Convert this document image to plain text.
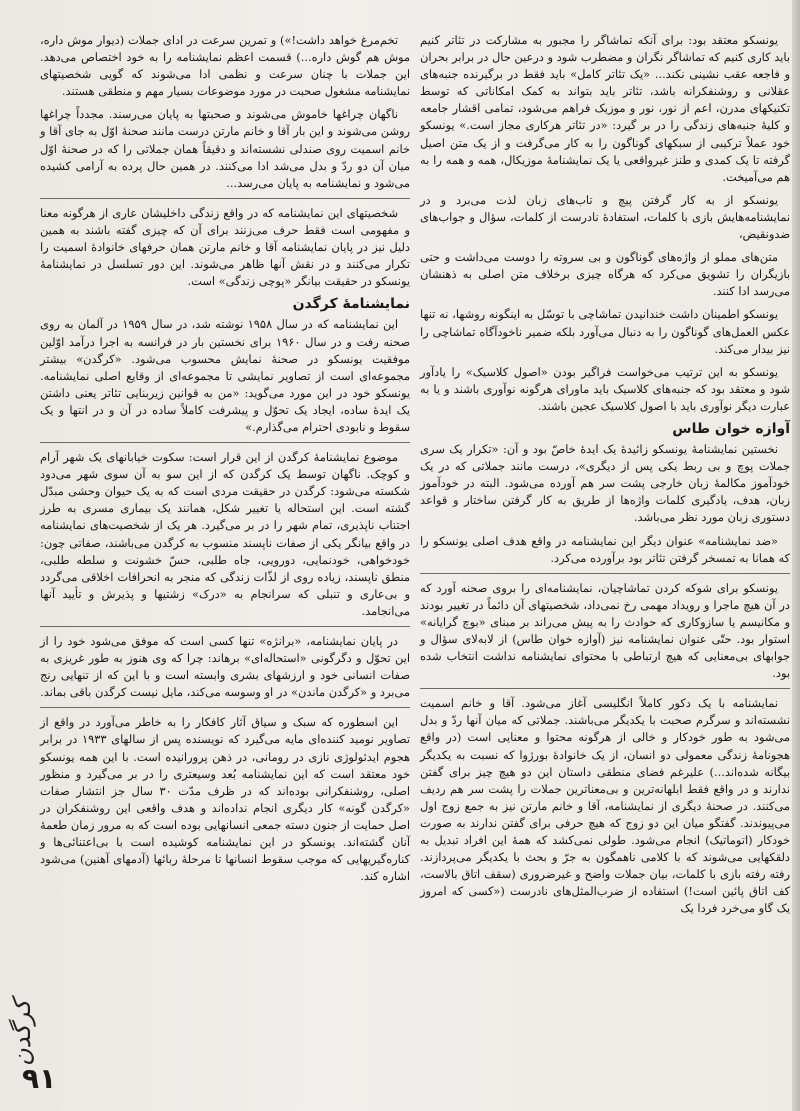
یونسکو معتقد بود: برای آنکه تماشاگر را مجبور به مشارکت در تئاتر کنیم باید کاری کنیم که تماشاگر نگران و مضطرب شود و درعین حال در برابر بحران و فاجعه عقب نشینی نکند... «یک تئاتر کامل» باید فقط در برگیرنده جنبه‌های عقلانی و روشنفکرانه باشد، تئاتر باید بتواند به کمک امکاناتی که توسط تکنیکهای مدرن، اعم از نور، نور و موزیک فراهم می‌شود، تمامی اقشار جامعه و کلیهٔ جنبه‌های زندگی را در بر گیرد: «در تئاتر هرکاری مجاز است.» یونسکو خود عملاً ترکیبی از سبکهای گوناگون را به کار می‌گرفت و از یک متن اصیل گرفته تا یک کمدی و طنز غیرواقعی یا یک نمایشنامهٔ موزیکال، همه و همه را به هم می‌آمیخت.

یونسکو از به کار گرفتن پیچ و تاب‌های زبان لذت می‌برد و در نمایشنامه‌هایش بازی با کلمات، استفادهٔ نادرست از کلمات، سؤال و جواب‌های ضدونقیض،

متن‌های مملو از واژه‌های گوناگون و بی سروته را دوست می‌داشت و حتی بازیگران را تشویق می‌کرد که هرگاه چیزی برخلاف متن اصلی به ذهنشان می‌رسد ادا کنند.

یونسکو اطمینان داشت خندانیدن تماشاچی با توسّل به اینگونه روشها، نه تنها عکس العمل‌های گوناگون را به دنبال می‌آورد بلکه ضمیر ناخودآگاه تماشاچی را نیز بیدار می‌کند.

یونسکو به این ترتیب می‌خواست فراگیر بودن «اصول کلاسیک» را یادآور شود و معتقد بود که جنبه‌های کلاسیک باید ماورای هرگونه نوآوری باشند و یا به عبارت دیگر نوآوری باید با اصول کلاسیک عجین باشند.

آوازه خوان طاس

نخستین نمایشنامهٔ یونسکو زائیدهٔ یک ایدهٔ خاصّ بود و آن: «تکرار یک سری جملات پوچ و بی ربط یکی پس از دیگری»، درست مانند جملاتی که در یک خودآموز مکالمهٔ زبان خارجی پشت سر هم آورده می‌شود. البته در خودآموز زبان، هدف، یادگیری کلمات واژه‌ها از طریق به کار گرفتن ساختار و قواعد دستوری زبان مورد نظر می‌باشد.

«ضد نمایشنامه» عنوان دیگر این نمایشنامه در واقع هدف اصلی یونسکو را که همانا به تمسخر گرفتن تئاتر بود برآورده می‌کرد.

یونسکو برای شوکه کردن تماشاچیان، نمایشنامه‌ای را بروی صحنه آورد که در آن هیچ ماجرا و رویداد مهمی رخ نمی‌داد، شخصیتهای آن دائماً در تغییر بودند و مکانیسم یا سازوکاری که حوادث را به پیش می‌راند بر مبنای «بوچ گرایانه» استوار بود. حتّی عنوان نمایشنامه نیز (آوازه خوان طاس) از لابه‌لای سؤال و جوابهای بی‌معنایی که هیچ ارتباطی با محتوای نمایشنامه نداشت انتخاب شده بود.

نمایشنامه با یک دکور کاملاً انگلیسی آغاز می‌شود. آقا و خانم اسمیت نشسته‌اند و سرگرم صحبت با یکدیگر می‌باشند. جملاتی که میان آنها ردّ و بدل می‌شود به طور خودکار و خالی از هرگونه محتوا و معنایی است (در واقع هجونامهٔ زندگی معمولی دو انسان، از یک خانوادهٔ بورژوا که نسبت به یکدیگر بیگانه شده‌اند...) علیرغم فضای منطقی داستان این دو هیچ چیز برای گفتن ندارند و در واقع فقط ابلهانه‌ترین و بی‌معناترین جملات را پشت سر هم ردیف می‌کنند. در صحنهٔ دیگری از نمایشنامه، آقا و خانم مارتن نیز به جمع زوج اول می‌پیوندند. گفتگو میان این دو زوج که هیچ حرفی برای گفتن ندارند به صورت خودکار (اتوماتیک) انجام می‌شود. طولی نمی‌کشد که همهٔ این افراد تبدیل به دلقکهایی می‌شوند که با کلامی ناهمگون به جرّ و بحث با یکدیگر می‌پردازند. رفته رفته بازی با کلمات، بیان جملات واضح و غیرضروری (سقف اتاق بالاست، کف اتاق پائین است!) استفاده از ضرب‌المثل‌های نادرست («کسی که امروز یک گاو می‌خرد فردا یک

تخم‌مرغ خواهد داشت!») و تمرین سرعت در ادای جملات (دیوار موش داره، موش هم گوش داره...) قسمت اعظم نمایشنامه را به خود اختصاص می‌دهد. این جملات با چنان سرعت و نظمی ادا می‌شوند که گویی شخصیتهای نمایشنامه مشغول صحبت در مورد موضوعات بسیار مهم و منطقی هستند.

ناگهان چراغها خاموش می‌شوند و صحبتها به پایان می‌رسند. مجدداً چراغها روشن می‌شوند و این بار آقا و خانم مارتن درست مانند صحنهٔ اوّل به جای آقا و خانم اسمیت روی صندلی نشسته‌اند و دقیقاً همان جملاتی را که در صحنهٔ اوّل میان آن دو ردّ و بدل می‌شد ادا می‌کنند. در همین حال پرده به آرامی کشیده می‌شود و نمایشنامه به پایان می‌رسد...

شخصیتهای این نمایشنامه که در واقع زندگی داخلیشان عاری از هرگونه معنا و مفهومی است فقط حرف می‌زنند برای آن که چیزی گفته باشند به همین دلیل نیز در پایان نمایشنامه آقا و خانم مارتن همان حرفهای خانوادهٔ اسمیت را تکرار می‌کنند و در نقش آنها ظاهر می‌شوند. این دور تسلسل در نمایشنامهٔ یونسکو در حقیقت بیانگر «پوچی زندگی» است.

نمایشنامهٔ کرگدن

این نمایشنامه که در سال ۱۹۵۸ نوشته شد، در سال ۱۹۵۹ در آلمان به روی صحنه رفت و در سال ۱۹۶۰ برای نخستین بار در فرانسه به اجرا درآمد اوّلین موفقیت یونسکو در صحنهٔ نمایش محسوب می‌شود. «کرگدن» بیشتر مجموعه‌ای است از تصاویر نمایشی تا مجموعه‌ای از وقایع اصلی نمایشنامه. یونسکو خود در این مورد می‌گوید: «من به قوانین زیربنایی تئاتر یعنی داشتن یک ایدهٔ ساده، ایجاد یک تحوّل و پیشرفت کاملاً ساده در آن و در انتها و یک سقوط و نابودی احترام می‌گذارم.»

موضوع نمایشنامهٔ کرگدن از این قرار است: سکوت خیابانهای یک شهر آرام و کوچک. ناگهان توسط یک کرگدن که از این سو به آن سوی شهر می‌دود شکسته می‌شود: کرگدن در حقیقت مردی است که به یک حیوان وحشی مبدّل گشته است. این استحاله یا تغییر شکل، همانند یک بیماری مسری به طرز اجتناب ناپذیری، تمام شهر را در بر می‌گیرد. هر یک از شخصیت‌های نمایشنامه در واقع بیانگر یکی از صفات ناپسند منسوب به کرگدن می‌باشند، صفاتی چون: خودخواهی، خودنمایی، دورویی، جاه طلبی، حسّ خشونت و سلطه طلبی، منطق ناپسند، زیاده روی از لذّات زندگی که منجر به انحرافات اخلاقی می‌گردد و بی‌عاری و تنبلی که سرانجام به «درک» زشتیها و پذیرش و تأیید آنها می‌انجامد.

در پایان نمایشنامه، «برانژه» تنها کسی است که موفق می‌شود خود را از این تحوّل و دگرگونی «استحاله‌ای» برهاند: چرا که وی هنوز به طور غریزی به صفات انسانی خود و ارزشهای بشری وابسته است و با این که از تنهایی رنج می‌برد و «کرگدن ماندن» در او وسوسه می‌کند، مایل نیست کرگدن باقی بماند.

این اسطوره که سبک و سیاق آثار کافکار را به خاطر می‌آورد در واقع از تصاویر نومید کننده‌ای مایه می‌گیرد که نویسنده پس از سالهای ۱۹۳۳ در برابر هجوم ایدئولوژی نازی در رومانی، در ذهن پرورانیده است. با این همه یونسکو خود معتقد است که این نمایشنامه بُعد وسیعتری را در بر می‌گیرد و منظور اصلی، روشنفکرانی بوده‌اند که در ظرف مدّت ۳۰ سال جز انتشار صفات «کرگدن گونه» کار دیگری انجام نداده‌اند و هدف واقعی این روشنفکران در اصل حمایت از جنون دسته جمعی انسانهایی بوده است که به مرور زمان طعمهٔ آنان گشته‌اند. یونسکو در این نمایشنامه کوشیده است با بی‌اعتنائی‌ها و کناره‌گیریهایی که موجب سقوط انسانها تا مرحلهٔ ربائها (آدمهای آهنین) می‌شود اشاره کند.

کرگدن
۹۱
